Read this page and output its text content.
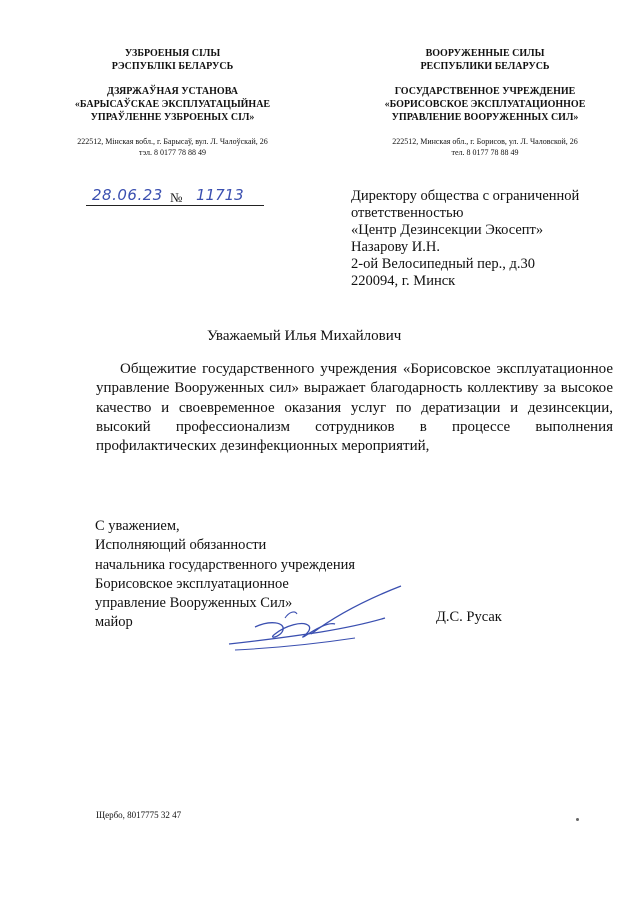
УЗБРОЕНЫЯ СІЛЫ
РЭСПУБЛІКІ БЕЛАРУСЬ
ДЗЯРЖАЎНАЯ УСТАНОВА
«БАРЫСАЎСКАЕ ЭКСПЛУАТАЦЫЙНАЕ
УПРАЎЛЕННЕ УЗБРОЕНЫХ СІЛ»
222512, Мінская вобл., г. Барысаў, вул. Л. Чалоўскай, 26
тэл. 8 0177 78 88 49
ВООРУЖЕННЫЕ СИЛЫ
РЕСПУБЛИКИ БЕЛАРУСЬ
ГОСУДАРСТВЕННОЕ УЧРЕЖДЕНИЕ
«БОРИСОВСКОЕ ЭКСПЛУАТАЦИОННОЕ
УПРАВЛЕНИЕ ВООРУЖЕННЫХ СИЛ»
222512, Минская обл., г. Борисов, ул. Л. Чаловской, 26
тел. 8 0177 78 88 49
28.06.23 № 11713	Директору общества с ограниченной
ответственностью
«Центр Дезинсекции Экосепт»
Назарову И.Н.
2-ой Велосипедный пер., д.30
220094, г. Минск
Уважаемый Илья Михайлович

Общежитие государственного учреждения «Борисовское эксплуатационное управление Вооруженных сил» выражает благодарность коллективу за высокое качество и своевременное оказания услуг по дератизации и дезинсекции, высокий профессионализм сотрудников в процессе выполнения профилактических дезинфекционных мероприятий,

С уважением,
Исполняющий обязанности
начальника государственного учреждения
Борисовское эксплуатационное
управление Вооруженных Сил»
майор	Д.С. Русак
Щербо, 8017775 32 47
